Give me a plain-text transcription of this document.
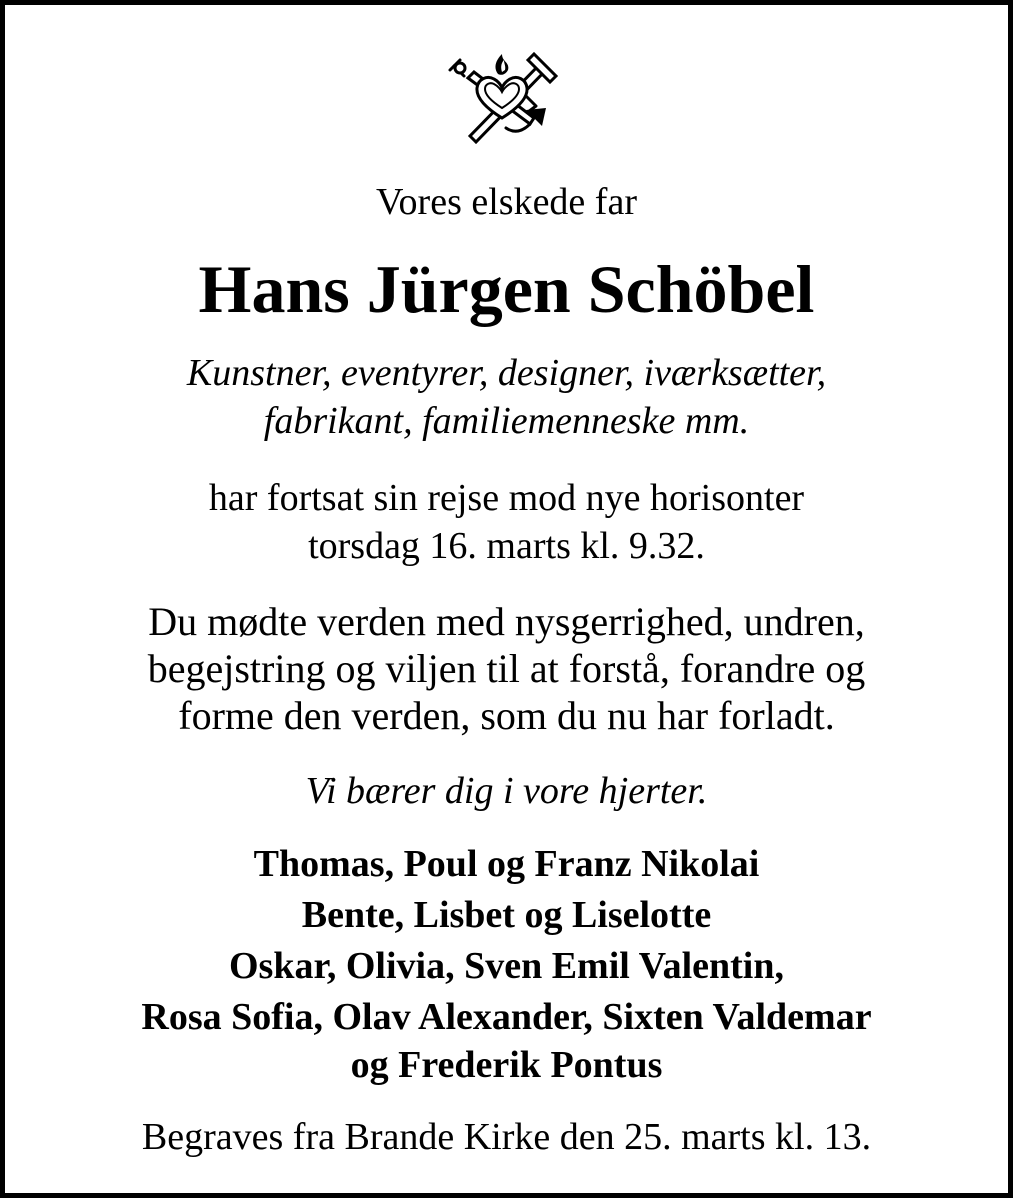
Vores elskede far

Hans Jürgen Schöbel

Kunstner, eventyrer, designer, iværksætter,

fabrikant, familiemenneske mm.

har fortsat sin rejse mod nye horisonter

torsdag 16. marts kl. 9.32.

Du mødte verden med nysgerrighed, undren,

begejstring og viljen til at forstå, forandre og

forme den verden, som du nu har forladt.

Vi bærer dig i vore hjerter.

Thomas, Poul og Franz Nikolai

Bente, Lisbet og Liselotte

Oskar, Olivia, Sven Emil Valentin,

Rosa Sofia, Olav Alexander, Sixten Valdemar

og Frederik Pontus

Begraves fra Brande Kirke den 25. marts kl. 13.
